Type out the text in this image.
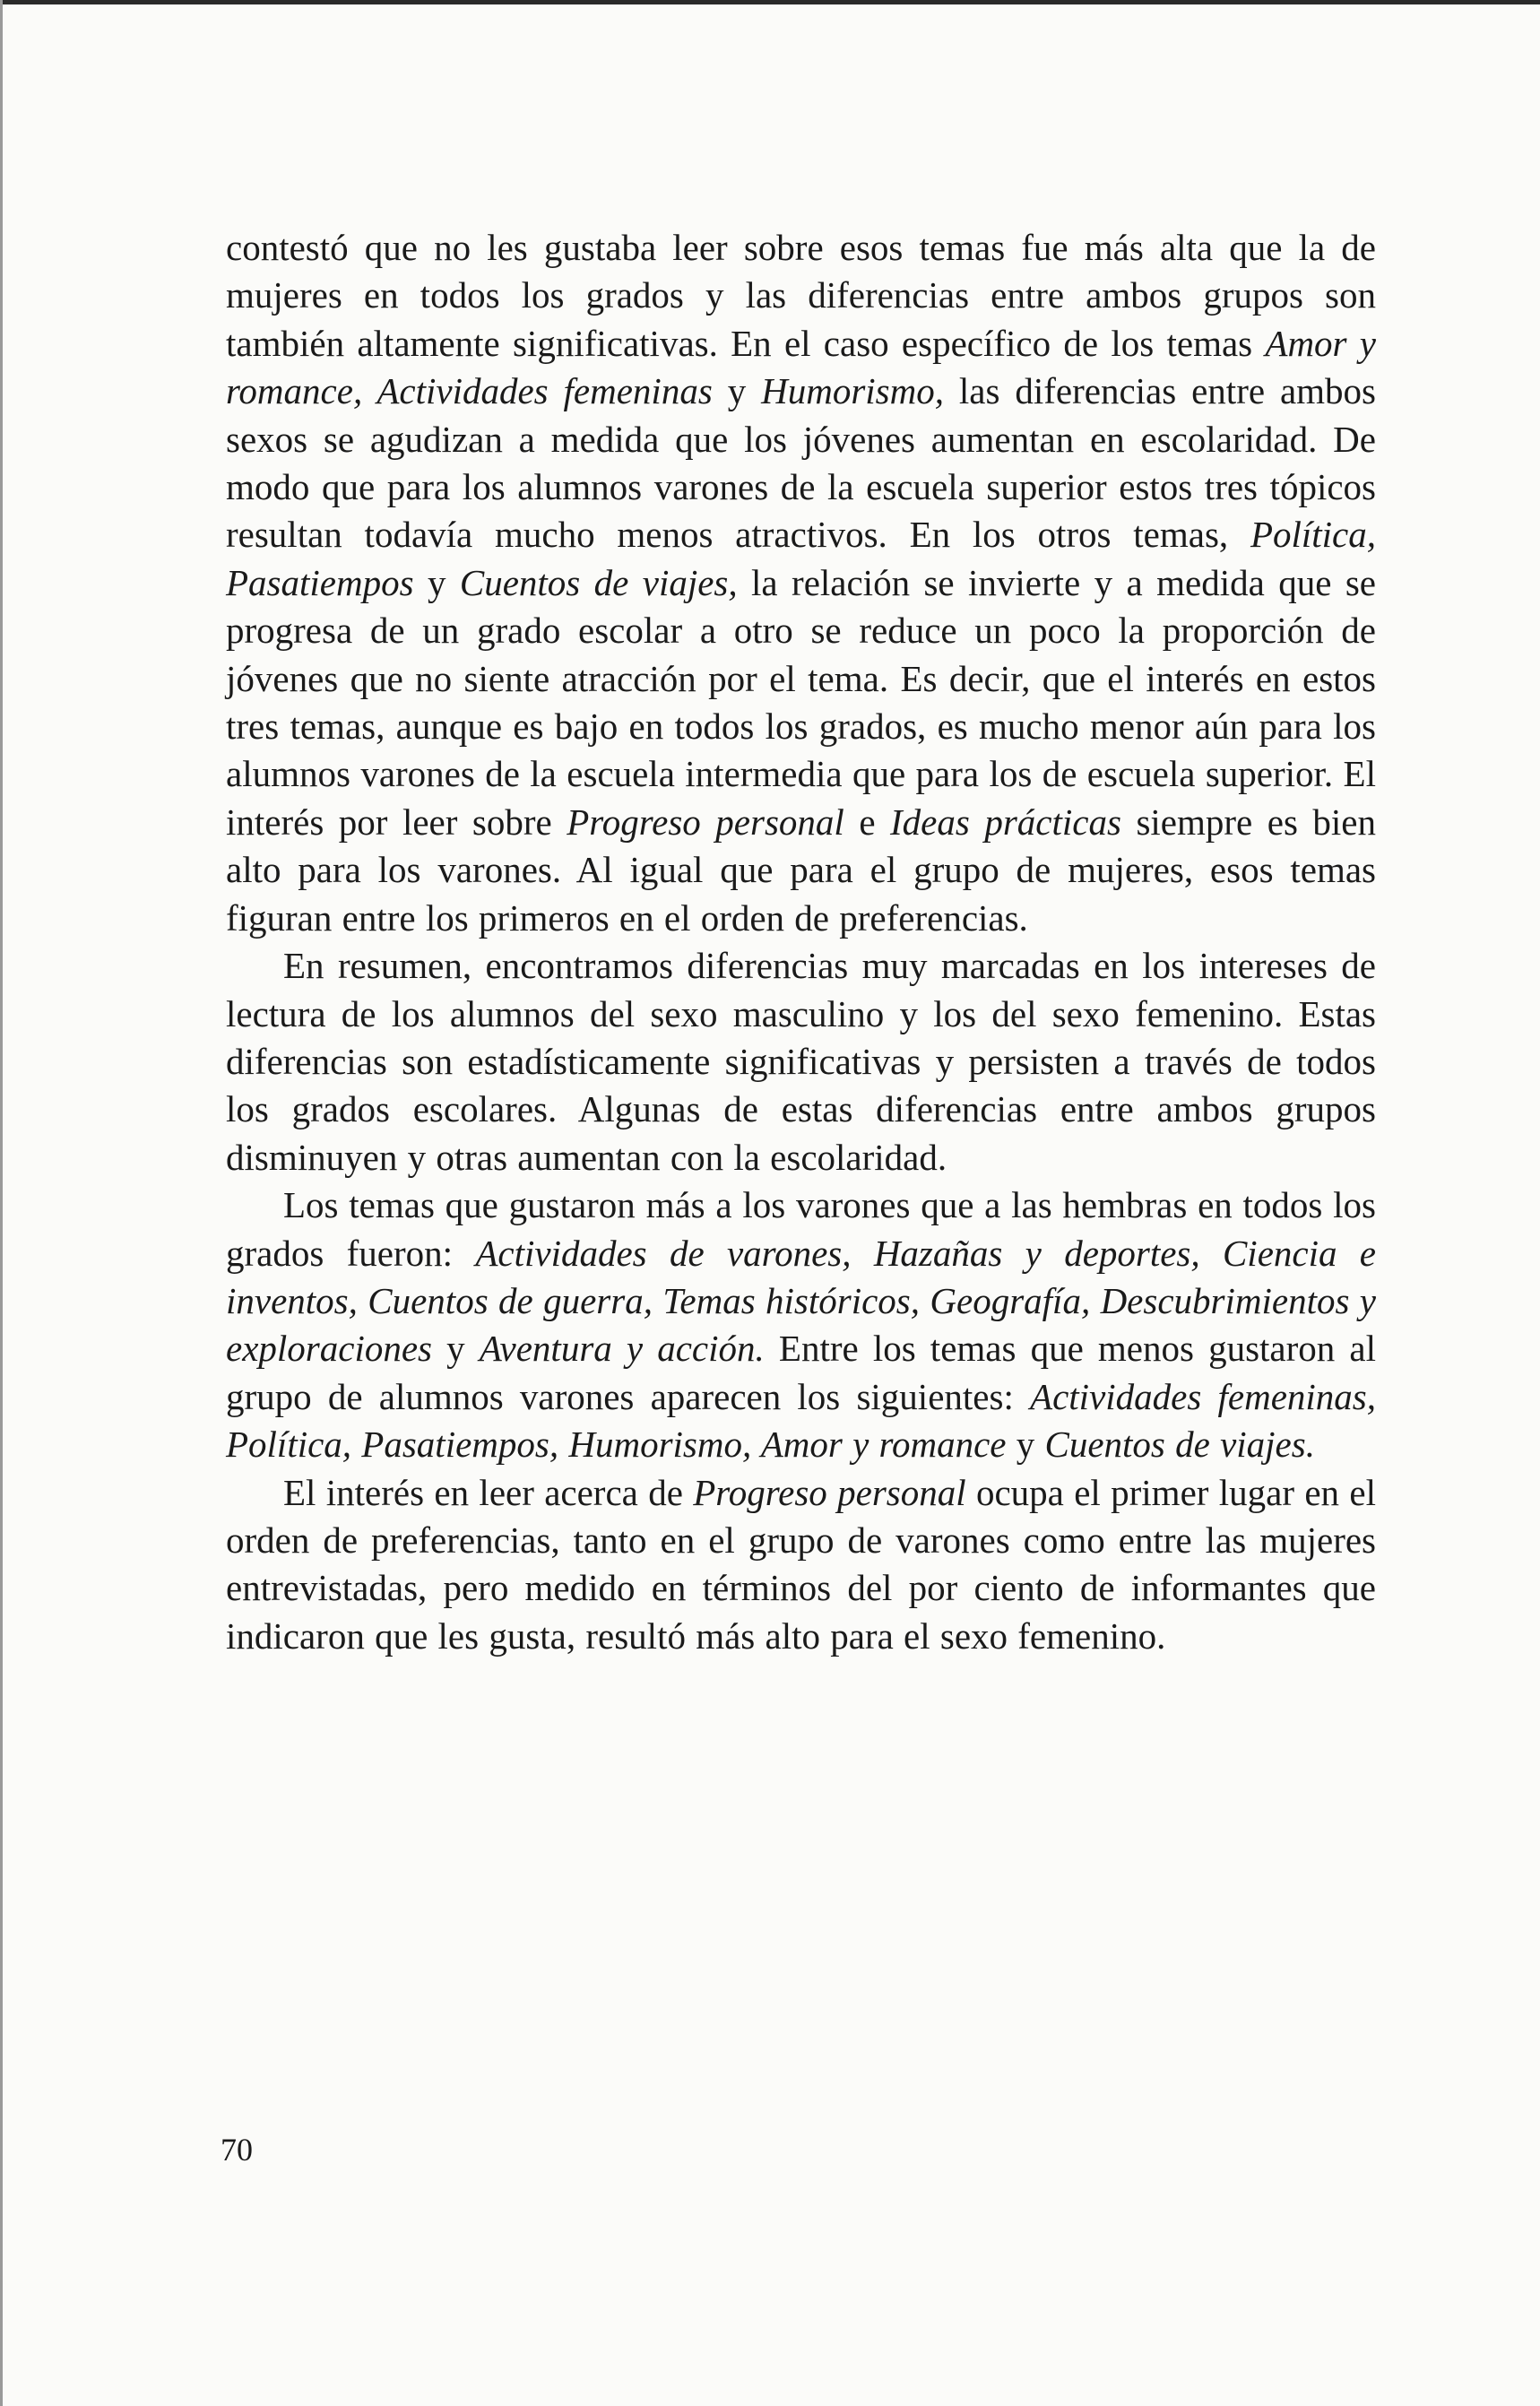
contestó que no les gustaba leer sobre esos temas fue más alta que la de mujeres en todos los grados y las diferencias entre ambos grupos son también altamente significativas. En el caso específico de los temas Amor y romance, Actividades femeninas y Humorismo, las diferencias entre ambos sexos se agudizan a medida que los jóvenes aumentan en escolaridad. De modo que para los alumnos varones de la escuela superior estos tres tópicos resultan todavía mucho menos atractivos. En los otros temas, Política, Pasatiempos y Cuentos de viajes, la relación se invierte y a medida que se progresa de un grado escolar a otro se reduce un poco la proporción de jóvenes que no siente atracción por el tema. Es decir, que el interés en estos tres temas, aunque es bajo en todos los grados, es mucho menor aún para los alumnos varones de la escuela intermedia que para los de escuela superior. El interés por leer sobre Progreso personal e Ideas prácticas siempre es bien alto para los varones. Al igual que para el grupo de mujeres, esos temas figuran entre los primeros en el orden de preferencias.

En resumen, encontramos diferencias muy marcadas en los intereses de lectura de los alumnos del sexo masculino y los del sexo femenino. Estas diferencias son estadísticamente significativas y persisten a través de todos los grados escolares. Algunas de estas diferencias entre ambos grupos disminuyen y otras aumentan con la escolaridad.

Los temas que gustaron más a los varones que a las hembras en todos los grados fueron: Actividades de varones, Hazañas y deportes, Ciencia e inventos, Cuentos de guerra, Temas históricos, Geografía, Descubrimientos y exploraciones y Aventura y acción. Entre los temas que menos gustaron al grupo de alumnos varones aparecen los siguientes: Actividades femeninas, Política, Pasatiempos, Humorismo, Amor y romance y Cuentos de viajes.

El interés en leer acerca de Progreso personal ocupa el primer lugar en el orden de preferencias, tanto en el grupo de varones como entre las mujeres entrevistadas, pero medido en términos del por ciento de informantes que indicaron que les gusta, resultó más alto para el sexo femenino.

70
